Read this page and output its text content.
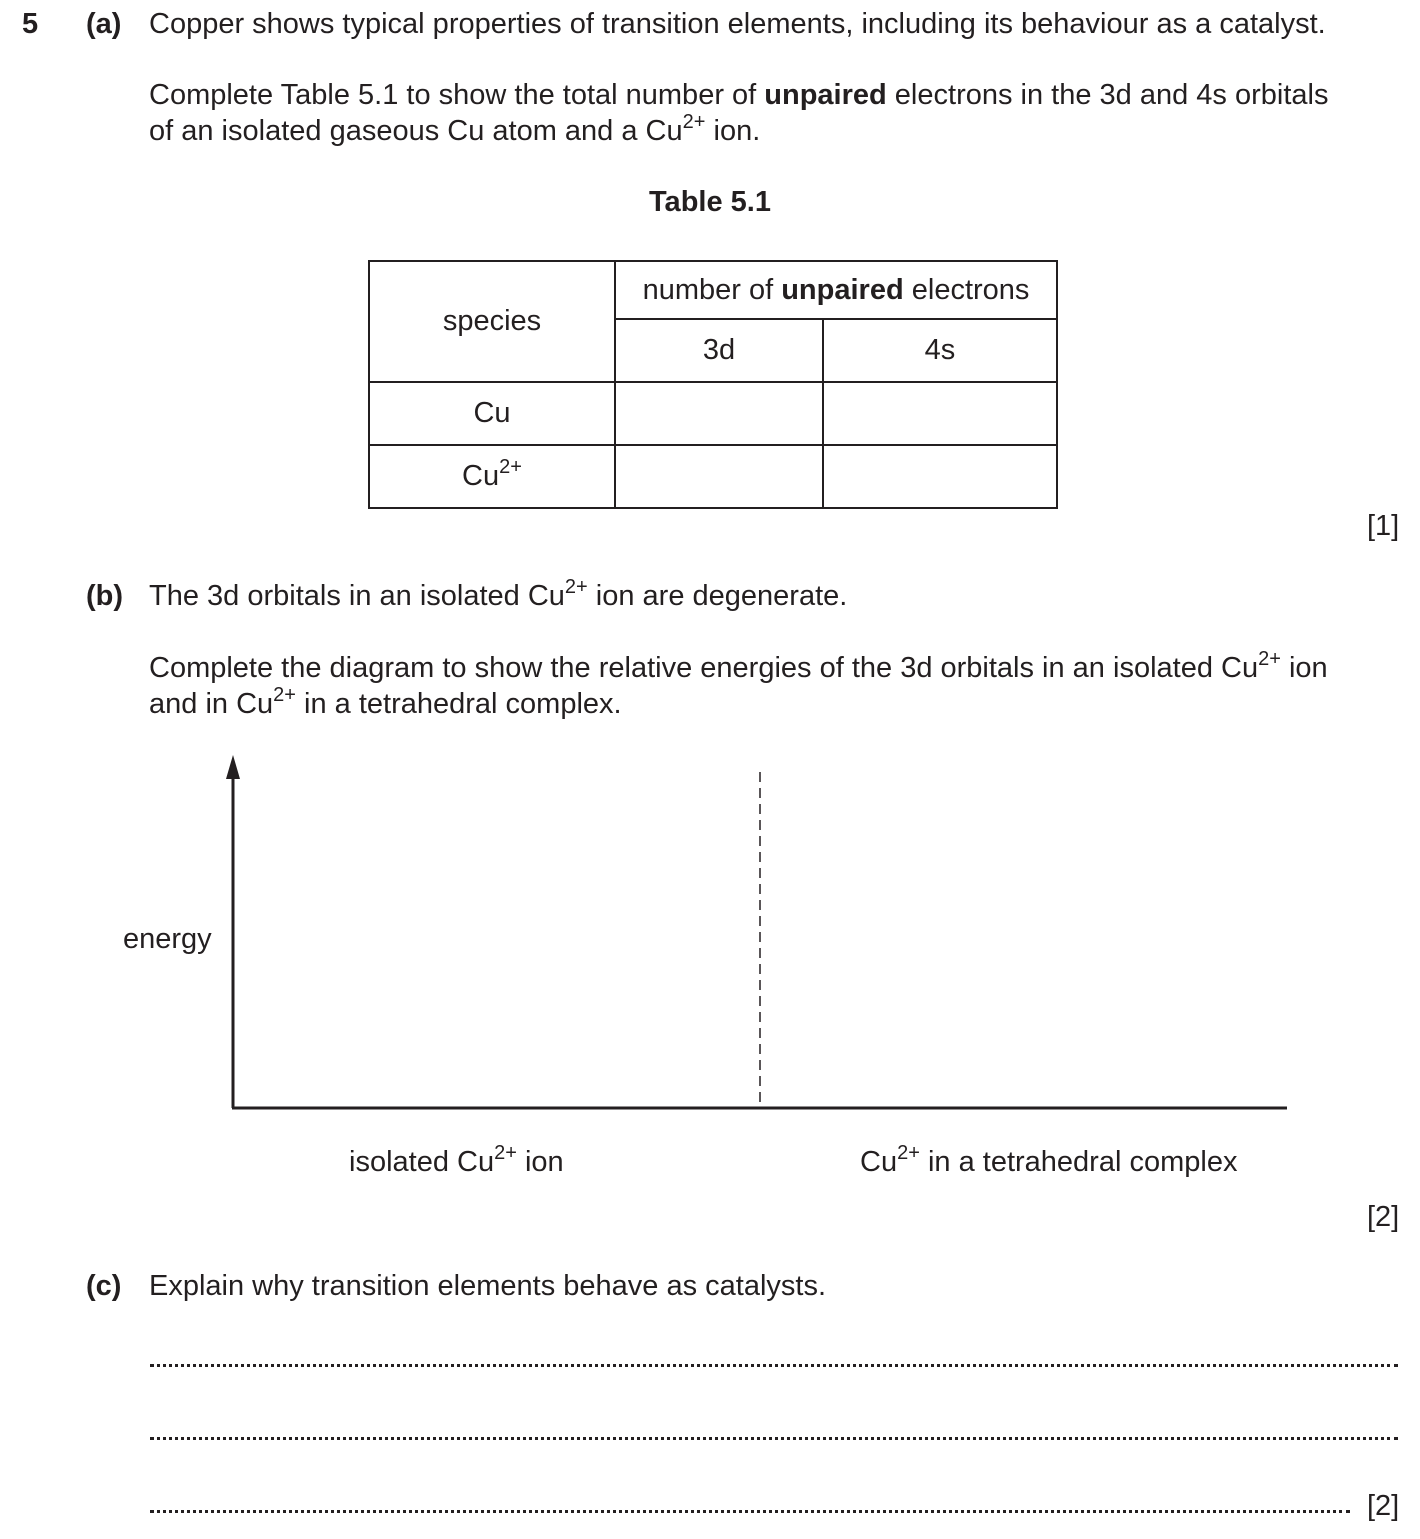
5 (a) Copper shows typical properties of transition elements, including its behaviour as a catalyst.
Complete Table 5.1 to show the total number of unpaired electrons in the 3d and 4s orbitals
of an isolated gaseous Cu atom and a $Cu^{2+}$ ion.
Table 5.1
species	number of unpaired electrons	
	3d	4s
Cu		
$Cu^{2+}$		
[1]
(b) The 3d orbitals in an isolated $Cu^{2+}$ ion are degenerate.
Complete the diagram to show the relative energies of the 3d orbitals in an isolated $Cu^{2+}$ ion
and in $Cu^{2+}$ in a tetrahedral complex.
energy
isolated $Cu^{2+}$ ion	$Cu^{2+}$ in a tetrahedral complex
[2]
(c) Explain why transition elements behave as catalysts.
[2]
